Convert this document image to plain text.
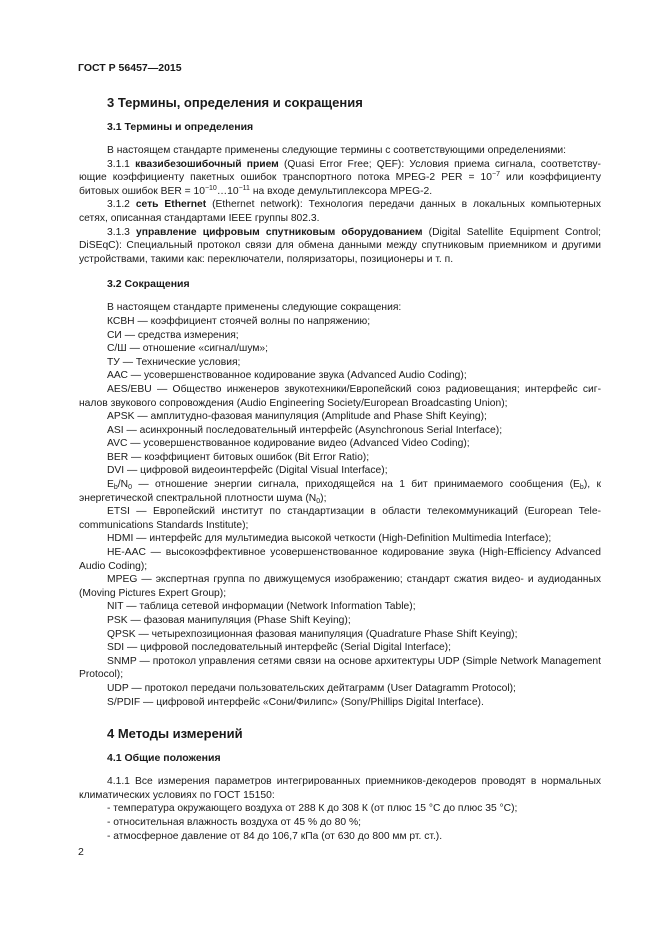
ГОСТ Р 56457—2015
3 Термины, определения и сокращения
3.1 Термины и определения

В настоящем стандарте применены следующие термины с соответствующими определениями:

3.1.1 квазибезошибочный прием (Quasi Error Free; QEF): Условия приема сигнала, соответствующие коэффициенту пакетных ошибок транспортного потока MPEG-2 PER = $10^{-7}$ или коэффициенту битовых ошибок BER = $10^{-10}\dots 10^{-11}$ на входе демультиплексора MPEG-2.

3.1.2 сеть Ethernet (Ethernet network): Технология передачи данных в локальных компьютерных сетях, описанная стандартами IEEE группы 802.3.

3.1.3 управление цифровым спутниковым оборудованием (Digital Satellite Equipment Control; DiSEqC): Специальный протокол связи для обмена данными между спутниковым приемником и другими устройствами, такими как: переключатели, поляризаторы, позиционеры и т. п.

3.2 Сокращения

В настоящем стандарте применены следующие сокращения:

КСВН — коэффициент стоячей волны по напряжению;

СИ — средства измерения;

С/Ш — отношение «сигнал/шум»;

ТУ — Технические условия;

ААС — усовершенствованное кодирование звука (Advanced Audio Coding);

AES/EBU — Общество инженеров звукотехники/Европейский союз радиовещания; интерфейс сигналов звукового сопровождения (Audio Engineering Society/European Broadcasting Union);

APSK — амплитудно-фазовая манипуляция (Amplitude and Phase Shift Keying);

ASI — асинхронный последовательный интерфейс (Asynchronous Serial Interface);

AVC — усовершенствованное кодирование видео (Advanced Video Coding);

BER — коэффициент битовых ошибок (Bit Error Ratio);

DVI — цифровой видеоинтерфейс (Digital Visual Interface);

$E_b/N_0$ — отношение энергии сигнала, приходящейся на 1 бит принимаемого сообщения $(E_b)$, к энергетической спектральной плотности шума $(N_0)$;

ETSI — Европейский институт по стандартизации в области телекоммуникаций (European Telecommunications Standards Institute);

HDMI — интерфейс для мультимедиа высокой четкости (High-Definition Multimedia Interface);

HE-AAC — высокоэффективное усовершенствованное кодирование звука (High-Efficiency Advanced Audio Coding);

MPEG — экспертная группа по движущемуся изображению; стандарт сжатия видео- и аудиоданных (Moving Pictures Expert Group);

NIT — таблица сетевой информации (Network Information Table);

PSK — фазовая манипуляция (Phase Shift Keying);

QPSK — четырехпозиционная фазовая манипуляция (Quadrature Phase Shift Keying);

SDI — цифровой последовательный интерфейс (Serial Digital Interface);

SNMP — протокол управления сетями связи на основе архитектуры UDP (Simple Network Management Protocol);

UDP — протокол передачи пользовательских дейтаграмм (User Datagramm Protocol);

S/PDIF — цифровой интерфейс «Сони/Филипс» (Sony/Phillips Digital Interface).

4 Методы измерений
4.1 Общие положения

4.1.1 Все измерения параметров интегрированных приемников-декодеров проводят в нормальных климатических условиях по ГОСТ 15150:

- температура окружающего воздуха от 288 К до 308 К (от плюс 15 °С до плюс 35 °С);

- относительная влажность воздуха от 45 % до 80 %;

- атмосферное давление от 84 до 106,7 кПа (от 630 до 800 мм рт. ст.).

2
